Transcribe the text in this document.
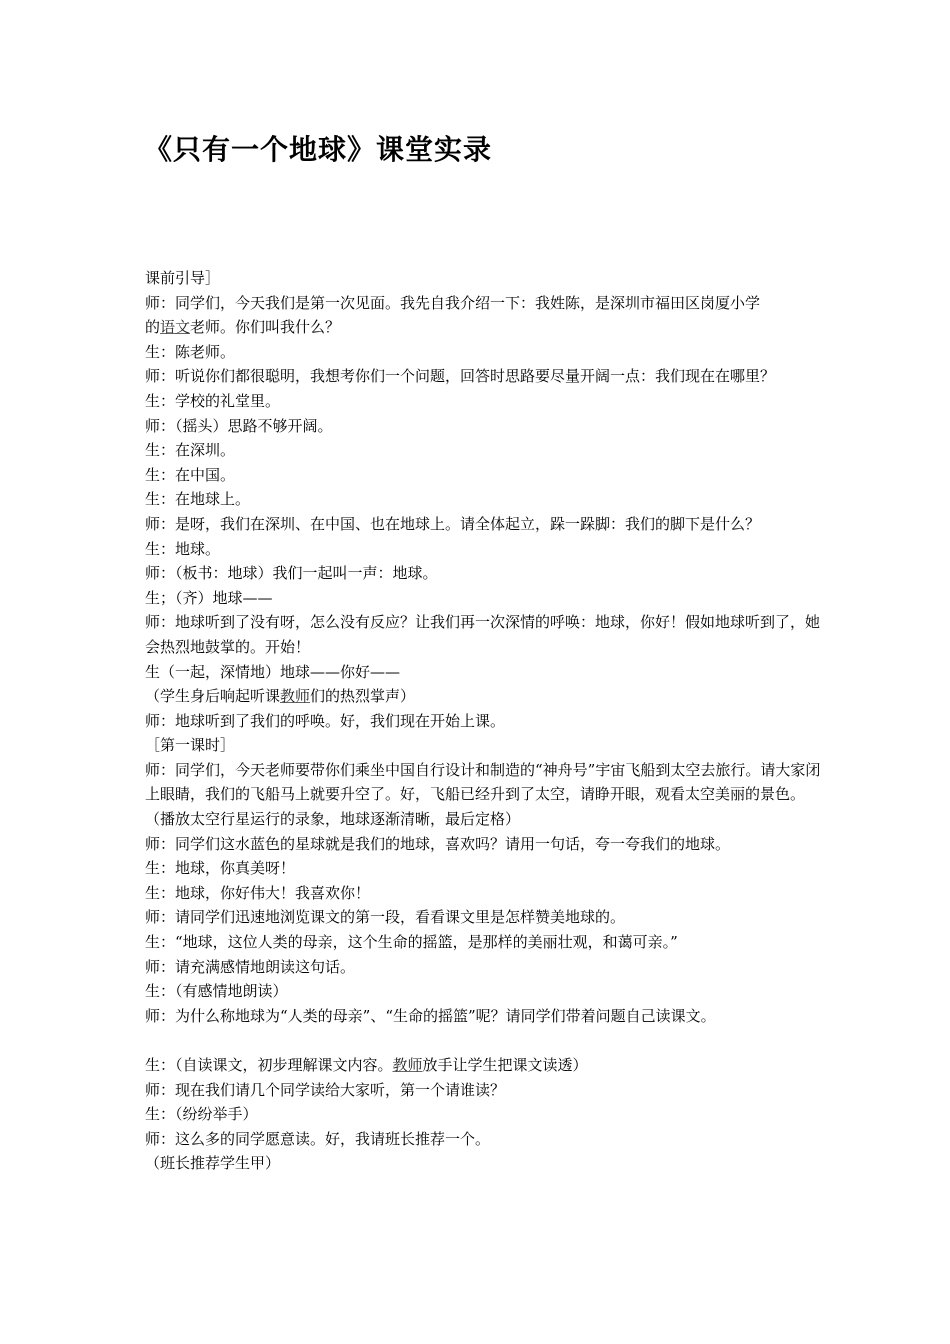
《只有一个地球》课堂实录

课前引导］

师：同学们，今天我们是第一次见面。我先自我介绍一下：我姓陈，是深圳市福田区岗厦小学

的语文老师。你们叫我什么？

生：陈老师。

师：听说你们都很聪明，我想考你们一个问题，回答时思路要尽量开阔一点：我们现在在哪里？

生：学校的礼堂里。

师：（摇头）思路不够开阔。

生：在深圳。

生：在中国。

生：在地球上。

师：是呀，我们在深圳、在中国、也在地球上。请全体起立，跺一跺脚：我们的脚下是什么？

生：地球。

师：（板书：地球）我们一起叫一声：地球。

生；（齐）地球——

师：地球听到了没有呀，怎么没有反应？让我们再一次深情的呼唤：地球，你好！假如地球听到了，她会热烈地鼓掌的。开始！

生（一起，深情地）地球——你好——

（学生身后响起听课教师们的热烈掌声）

师：地球听到了我们的呼唤。好，我们现在开始上课。

［第一课时］

师：同学们，今天老师要带你们乘坐中国自行设计和制造的“神舟号”宇宙飞船到太空去旅行。请大家闭上眼睛，我们的飞船马上就要升空了。好，飞船已经升到了太空，请睁开眼，观看太空美丽的景色。

（播放太空行星运行的录象，地球逐渐清晰，最后定格）

师：同学们这水蓝色的星球就是我们的地球，喜欢吗？请用一句话，夸一夸我们的地球。

生：地球，你真美呀！

生：地球，你好伟大！我喜欢你！

师：请同学们迅速地浏览课文的第一段，看看课文里是怎样赞美地球的。

生：“地球，这位人类的母亲，这个生命的摇篮，是那样的美丽壮观，和蔼可亲。”

师：请充满感情地朗读这句话。

生：（有感情地朗读）

师：为什么称地球为“人类的母亲”、“生命的摇篮”呢？请同学们带着问题自己读课文。

生：（自读课文，初步理解课文内容。教师放手让学生把课文读透）

师：现在我们请几个同学读给大家听，第一个请谁读？

生：（纷纷举手）

师：这么多的同学愿意读。好，我请班长推荐一个。

（班长推荐学生甲）
